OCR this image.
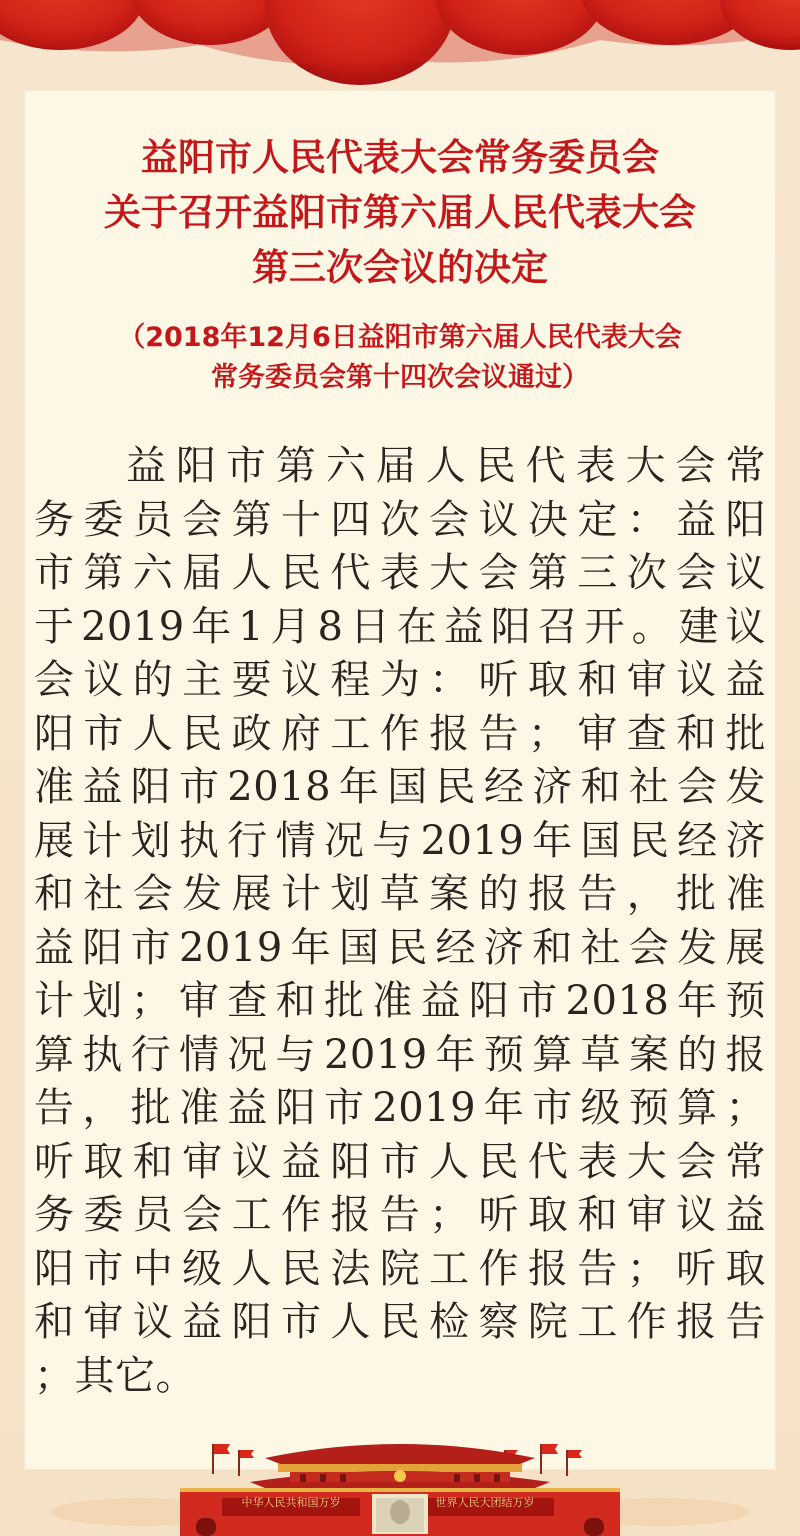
益阳市人民代表大会常务委员会
关于召开益阳市第六届人民代表大会
第三次会议的决定
（2018年12月6日益阳市第六届人民代表大会
常务委员会第十四次会议通过）
益阳市第六届人民代表大会常
务委员会第十四次会议决定：益阳
市第六届人民代表大会第三次会议
于2019年1月8日在益阳召开。建议
会议的主要议程为：听取和审议益
阳市人民政府工作报告；审查和批
准益阳市2018年国民经济和社会发
展计划执行情况与2019年国民经济
和社会发展计划草案的报告，批准
益阳市2019年国民经济和社会发展
计划；审查和批准益阳市2018年预
算执行情况与2019年预算草案的报
告，批准益阳市2019年市级预算；
听取和审议益阳市人民代表大会常
务委员会工作报告；听取和审议益
阳市中级人民法院工作报告；听取
和审议益阳市人民检察院工作报告
；其它。
中华人民共和国万岁	世界人民大团结万岁
